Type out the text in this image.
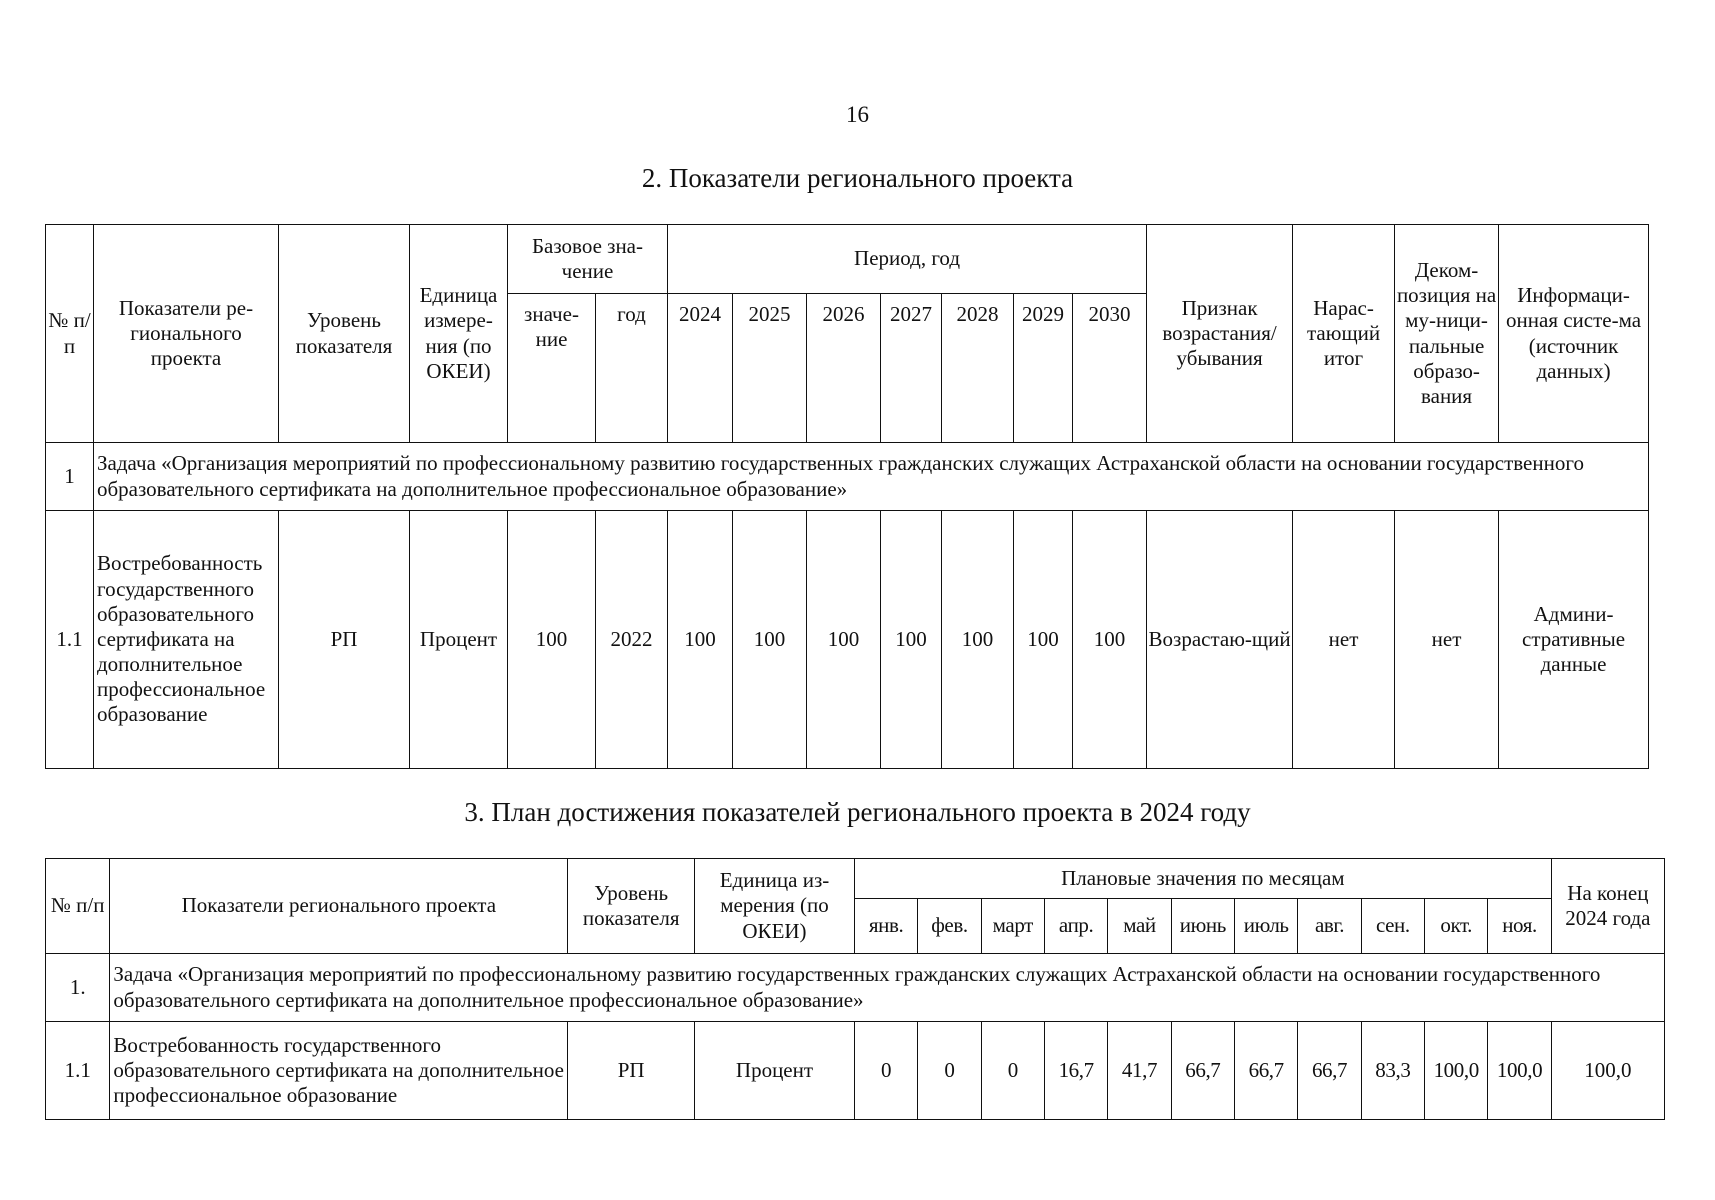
16
2. Показатели регионального проекта
№ п/п	Показатели ре-гионального проекта	Уровень показателя	Единица измере-ния (по ОКЕИ)	Базовое зна-чение		Период, год							Признак возрастания/ убывания	Нарас-тающий итог	Деком-позиция на му-ници-пальные образо-вания	Информаци-онная систе-ма (источник данных)
				значе-ние	год	2024	2025	2026	2027	2028	2029	2030				
1	Задача «Организация мероприятий по профессиональному развитию государственных гражданских служащих Астраханской области на основании государственного образовательного сертификата на дополнительное профессиональное образование»															
1.1	Востребованность государственного образовательного сертификата на дополнительное профессиональное образование	РП	Процент	100	2022	100	100	100	100	100	100	100	Возрастаю-щий	нет	нет	Админи-стративные данные
3. План достижения показателей регионального проекта в 2024 году
№ п/п	Показатели регионального проекта	Уровень показателя	Единица из-мерения (по ОКЕИ)	Плановые значения по месяцам											На конец 2024 года
				янв.	фев.	март	апр.	май	июнь	июль	авг.	сен.	окт.	ноя.	
1.	Задача «Организация мероприятий по профессиональному развитию государственных гражданских служащих Астраханской области на основании государственного образовательного сертификата на дополнительное профессиональное образование»														
1.1	Востребованность государственного образовательного сертификата на дополнительное профессиональное образование	РП	Процент	0	0	0	16,7	41,7	66,7	66,7	66,7	83,3	100,0	100,0	100,0
